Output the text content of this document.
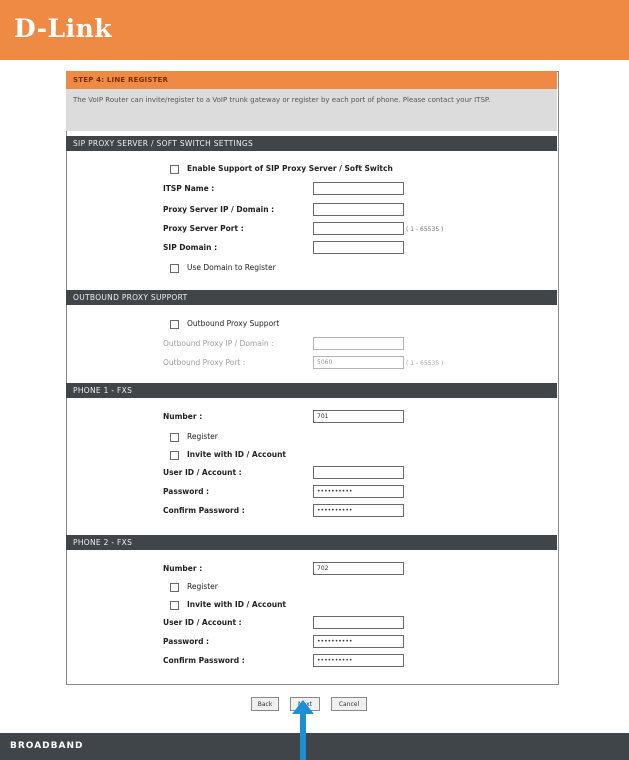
D-Link
STEP 4: LINE REGISTER
The VoIP Router can invite/register to a VoIP trunk gateway or register by each port of phone. Please contact your ITSP.
SIP PROXY SERVER / SOFT SWITCH SETTINGS
Enable Support of SIP Proxy Server / Soft Switch
ITSP Name :
Proxy Server IP / Domain :
Proxy Server Port :	( 1 - 65535 )
SIP Domain :
Use Domain to Register
OUTBOUND PROXY SUPPORT
Outbound Proxy Support
Outbound Proxy IP / Domain :
Outbound Proxy Port :	5060	( 1 - 65535 )
PHONE 1 - FXS
Number :	701
Register
Invite with ID / Account
User ID / Account :
Password :	••••••••••
Confirm Password :	••••••••••
PHONE 2 - FXS
Number :	702
Register
Invite with ID / Account
User ID / Account :
Password :	••••••••••
Confirm Password :	••••••••••
Back	Next	Cancel
BROADBAND
